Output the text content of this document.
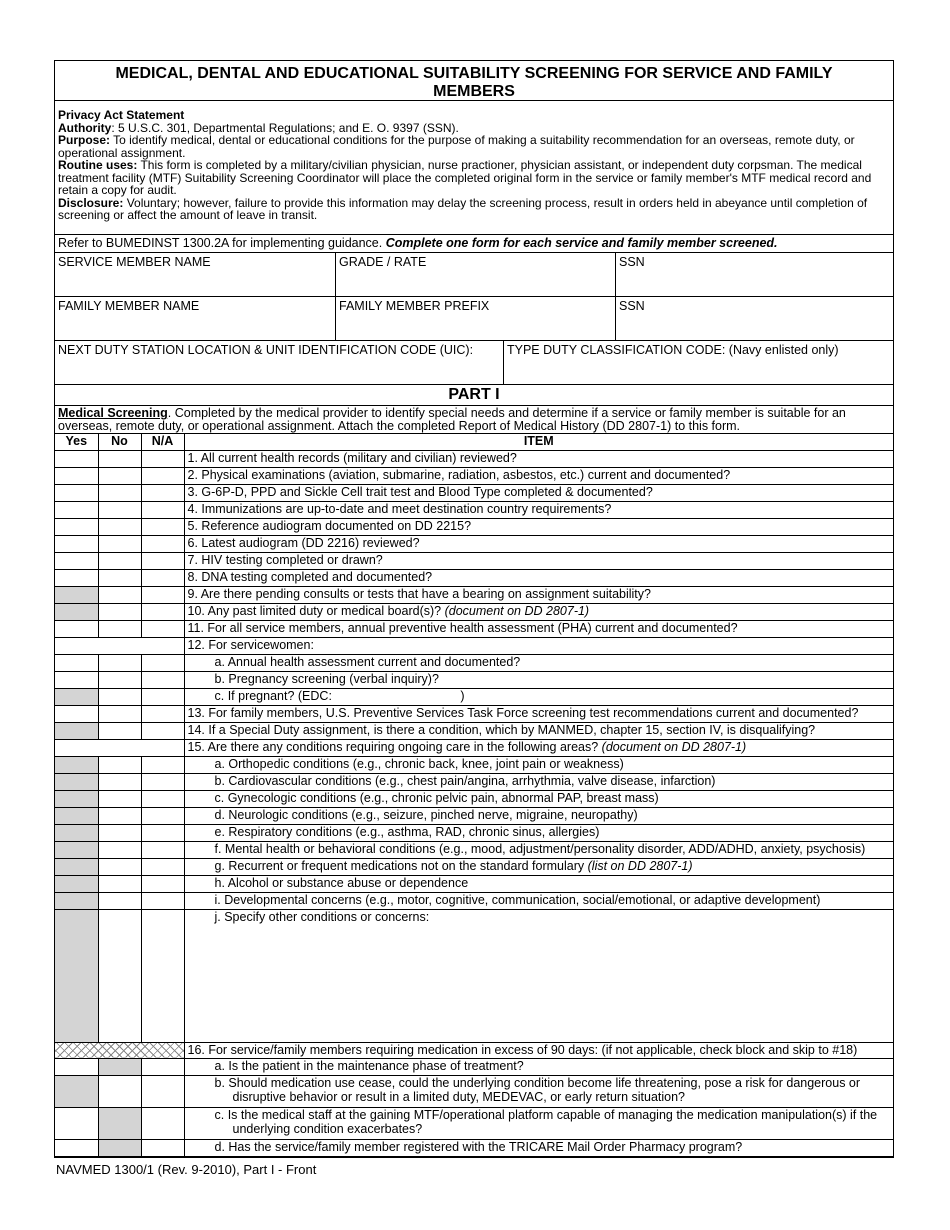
MEDICAL, DENTAL AND EDUCATIONAL SUITABILITY SCREENING FOR SERVICE AND FAMILY MEMBERS
Privacy Act Statement
Authority: 5 U.S.C. 301, Departmental Regulations; and E. O. 9397 (SSN).
Purpose: To identify medical, dental or educational conditions for the purpose of making a suitability recommendation for an overseas, remote duty, or operational assignment.
Routine uses: This form is completed by a military/civilian physician, nurse practioner, physician assistant, or independent duty corpsman. The medical treatment facility (MTF) Suitability Screening Coordinator will place the completed original form in the service or family member's MTF medical record and retain a copy for audit.
Disclosure: Voluntary; however, failure to provide this information may delay the screening process, result in orders held in abeyance until completion of screening or affect the amount of leave in transit.
Refer to BUMEDINST 1300.2A for implementing guidance. Complete one form for each service and family member screened.
SERVICE MEMBER NAME	GRADE / RATE	SSN
FAMILY MEMBER NAME	FAMILY MEMBER PREFIX	SSN
NEXT DUTY STATION LOCATION & UNIT IDENTIFICATION CODE (UIC):	TYPE DUTY CLASSIFICATION CODE: (Navy enlisted only)
PART I
Medical Screening. Completed by the medical provider to identify special needs and determine if a service or family member is suitable for an overseas, remote duty, or operational assignment. Attach the completed Report of Medical History (DD 2807-1) to this form.
Yes	No	N/A	ITEM
			1. All current health records (military and civilian) reviewed?
			2. Physical examinations (aviation, submarine, radiation, asbestos, etc.) current and documented?
			3. G-6P-D, PPD and Sickle Cell trait test and Blood Type completed & documented?
			4. Immunizations are up-to-date and meet destination country requirements?
			5. Reference audiogram documented on DD 2215?
			6. Latest audiogram (DD 2216) reviewed?
			7. HIV testing completed or drawn?
			8. DNA testing completed and documented?
			9. Are there pending consults or tests that have a bearing on assignment suitability?
			10. Any past limited duty or medical board(s)? (document on DD 2807-1)
			11. For all service members, annual preventive health assessment (PHA) current and documented?
			12. For servicewomen:
			a. Annual health assessment current and documented?
			b. Pregnancy screening (verbal inquiry)?
			c. If pregnant? (EDC:                                     )
			13. For family members, U.S. Preventive Services Task Force screening test recommendations current and documented?
			14. If a Special Duty assignment, is there a condition, which by MANMED, chapter 15, section IV, is disqualifying?
			15. Are there any conditions requiring ongoing care in the following areas? (document on DD 2807-1)
			a. Orthopedic conditions (e.g., chronic back, knee, joint pain or weakness)
			b. Cardiovascular conditions (e.g., chest pain/angina, arrhythmia, valve disease, infarction)
			c. Gynecologic conditions (e.g., chronic pelvic pain, abnormal PAP, breast mass)
			d. Neurologic conditions (e.g., seizure, pinched nerve, migraine, neuropathy)
			e. Respiratory conditions (e.g., asthma, RAD, chronic sinus, allergies)
			f. Mental health or behavioral conditions (e.g., mood, adjustment/personality disorder, ADD/ADHD, anxiety, psychosis)
			g. Recurrent or frequent medications not on the standard formulary (list on DD 2807-1)
			h. Alcohol or substance abuse or dependence
			i. Developmental concerns (e.g., motor, cognitive, communication, social/emotional, or adaptive development)
			j. Specify other conditions or concerns:
			16. For service/family members requiring medication in excess of 90 days: (if not applicable, check block and skip to #18)
			a. Is the patient in the maintenance phase of treatment?
			b. Should medication use cease, could the underlying condition become life threatening, pose a risk for dangerous or disruptive behavior or result in a limited duty, MEDEVAC, or early return situation?
			c. Is the medical staff at the gaining MTF/operational platform capable of managing the medication manipulation(s) if the underlying condition exacerbates?
			d. Has the service/family member registered with the TRICARE Mail Order Pharmacy program?
NAVMED 1300/1 (Rev. 9-2010), Part I - Front
